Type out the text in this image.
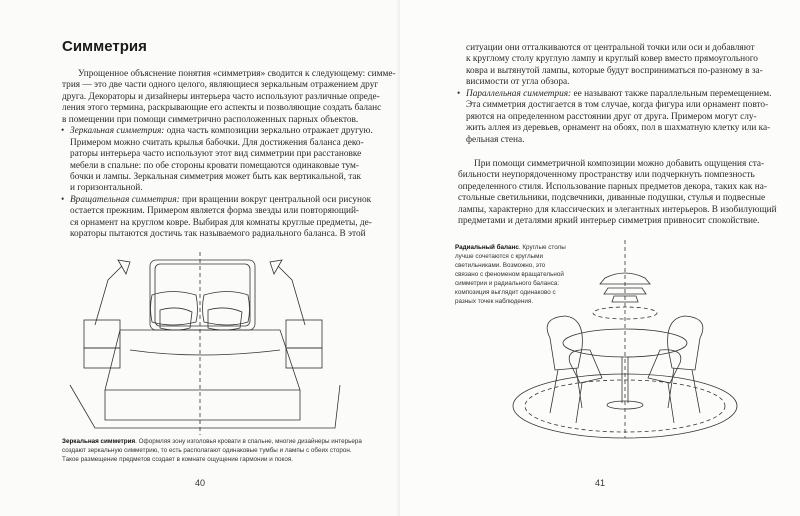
Симметрия
Упрощенное объяснение понятия «симметрия» сводится к следующему: симме-
трия — это две части одного целого, являющиеся зеркальным отражением друг
друга. Декораторы и дизайнеры интерьера часто используют различные опреде-
ления этого термина, раскрывающие его аспекты и позволяющие создать баланс
в помещении при помощи симметрично расположенных парных объектов.
• Зеркальная симметрия: одна часть композиции зеркально отражает другую.
Примером можно считать крылья бабочки. Для достижения баланса деко-
раторы интерьера часто используют этот вид симметрии при расстановке
мебели в спальне: по обе стороны кровати помещаются одинаковые тум-
бочки и лампы. Зеркальная симметрия может быть как вертикальной, так
и горизонтальной.
• Вращательная симметрия: при вращении вокруг центральной оси рисунок
остается прежним. Примером является форма звезды или повторяющий-
ся орнамент на круглом ковре. Выбирая для комнаты круглые предметы, де-
кораторы пытаются достичь так называемого радиального баланса. В этой
Зеркальная симметрия. Оформляя зону изголовья кровати в спальне, многие дизайнеры интерьера создают зеркальную симметрию, то есть располагают одинаковые тумбы и лампы с обеих сторон. Такое размещение предметов создает в комнате ощущение гармонии и покоя.
40
ситуации они отталкиваются от центральной точки или оси и добавляют
к круглому столу круглую лампу и круглый ковер вместо прямоугольного
ковра и вытянутой лампы, которые будут восприниматься по-разному в за-
висимости от угла обзора.
• Параллельная симметрия: ее называют также параллельным перемещением.
Эта симметрия достигается в том случае, когда фигура или орнамент повто-
ряются на определенном расстоянии друг от друга. Примером могут слу-
жить аллея из деревьев, орнамент на обоях, пол в шахматную клетку или ка-
фельная стена.
При помощи симметричной композиции можно добавить ощущения ста-
бильности неупорядоченному пространству или подчеркнуть помпезность
определенного стиля. Использование парных предметов декора, таких как на-
стольные светильники, подсвечники, диванные подушки, стулья и подвесные
лампы, характерно для классических и элегантных интерьеров. В изобилующий
предметами и деталями яркий интерьер симметрия привносит спокойствие.
Радиальный баланс. Круглые столы лучше сочетаются с круглыми светильниками. Возможно, это связано с феноменом вращательной симметрии и радиального баланса: композиция выглядит одинаково с разных точек наблюдения.
41
